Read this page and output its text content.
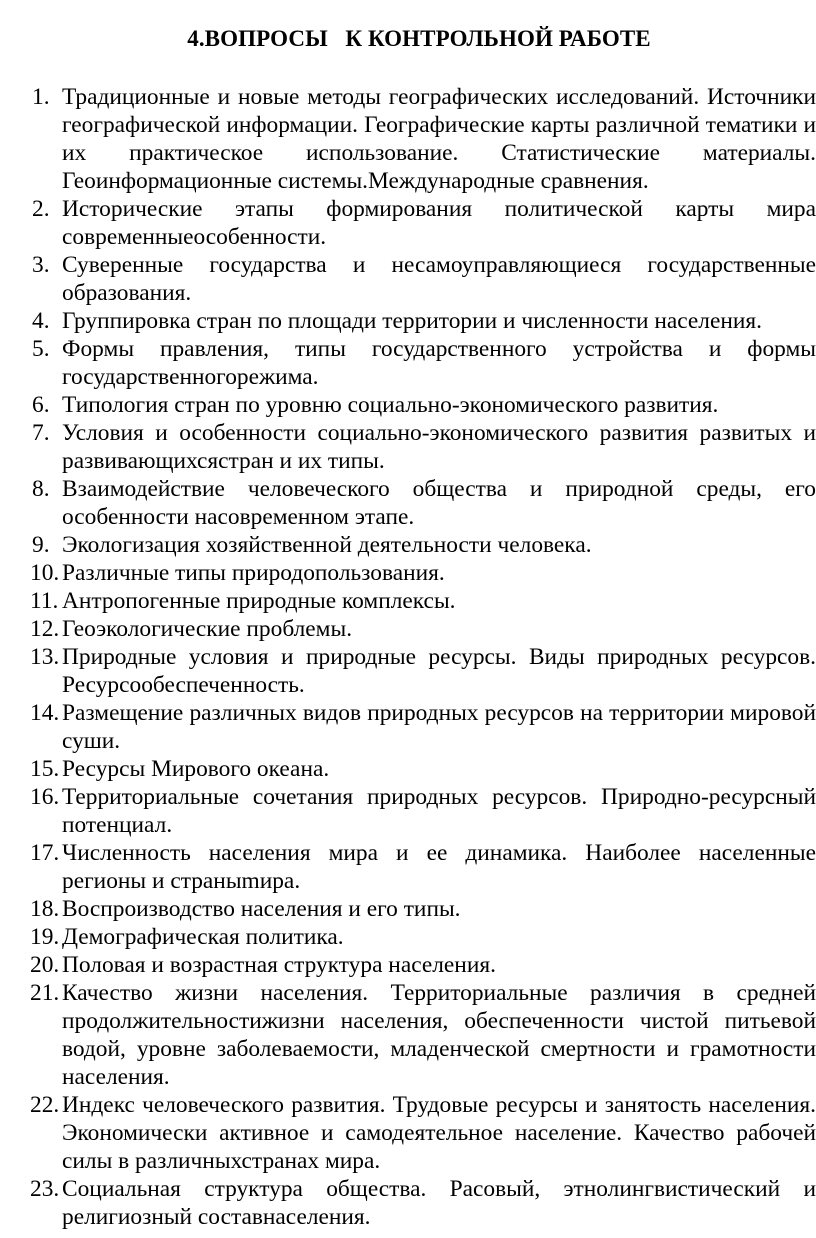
4.ВОПРОСЫ   К КОНТРОЛЬНОЙ РАБОТЕ
1. Традиционные и новые методы географических исследований. Источники географической информации. Географические карты различной тематики и их практическое использование. Статистические материалы. Геоинформационные системы.Международные сравнения.
2. Исторические этапы формирования политической карты мира современныеособенности.
3. Суверенные государства и несамоуправляющиеся государственные образования.
4. Группировка стран по площади территории и численности населения.
5. Формы правления, типы государственного устройства и формы государственногорежима.
6. Типология стран по уровню социально-экономического развития.
7. Условия и особенности социально-экономического развития развитых и развивающихсястран и их типы.
8. Взаимодействие человеческого общества и природной среды, его особенности насовременном этапе.
9. Экологизация хозяйственной деятельности человека.
10. Различные типы природопользования.
11. Антропогенные природные комплексы.
12. Геоэкологические проблемы.
13. Природные условия и природные ресурсы. Виды природных ресурсов. Ресурсообеспеченность.
14. Размещение различных видов природных ресурсов на территории мировой суши.
15. Ресурсы Мирового океана.
16. Территориальные сочетания природных ресурсов. Природно-ресурсный потенциал.
17. Численность населения мира и ее динамика. Наиболее населенные регионы и страныmира.
18. Воспроизводство населения и его типы.
19. Демографическая политика.
20. Половая и возрастная структура населения.
21. Качество жизни населения. Территориальные различия в средней продолжительностижизни населения, обеспеченности чистой питьевой водой, уровне заболеваемости, младенческой смертности и грамотности населения.
22. Индекс человеческого развития. Трудовые ресурсы и занятость населения. Экономически активное и самодеятельное население. Качество рабочей силы в различныхстранах мира.
23. Социальная структура общества. Расовый, этнолингвистический и религиозный составнаселения.
